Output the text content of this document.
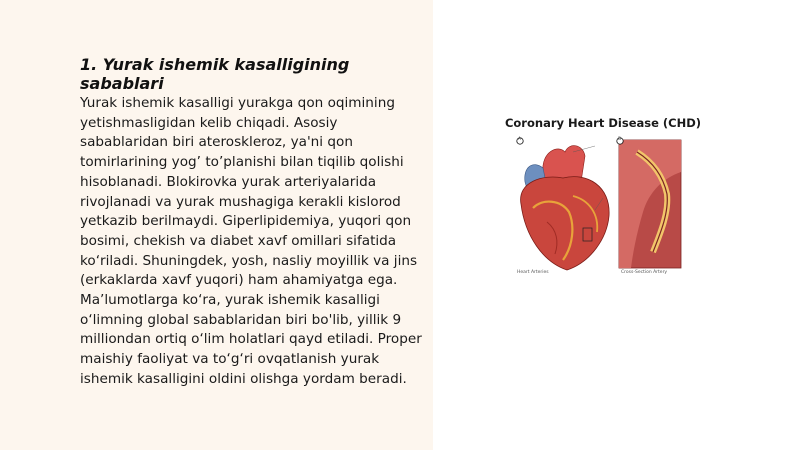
1. Yurak ishemik kasalligining sabablari

Yurak ishemik kasalligi yurakga qon oqimining yetishmasligidan kelib chiqadi. Asosiy sabablaridan biri ateroskleroz, ya'ni qon tomirlarining yog’ to’planishi bilan tiqilib qolishi hisoblanadi. Blokirovka yurak arteriyalarida rivojlanadi va yurak mushagiga kerakli kislorod yetkazib berilmaydi. Giperlipidemiya, yuqori qon bosimi, chekish va diabet xavf omillari sifatida ko‘riladi. Shuningdek, yosh, nasliy moyillik va jins (erkaklarda xavf yuqori) ham ahamiyatga ega. Ma’lumotlarga ko‘ra, yurak ishemik kasalligi o‘limning global sabablaridan biri bo'lib, yillik 9 milliondan ortiq o‘lim holatlari qayd etiladi. Proper maishiy faoliyat va to‘g‘ri ovqatlanish yurak ishemik kasalligini oldini olishga yordam beradi.

Coronary Heart Disease (CHD)
A	B
Heart Arteries	Cross-Section Artery
